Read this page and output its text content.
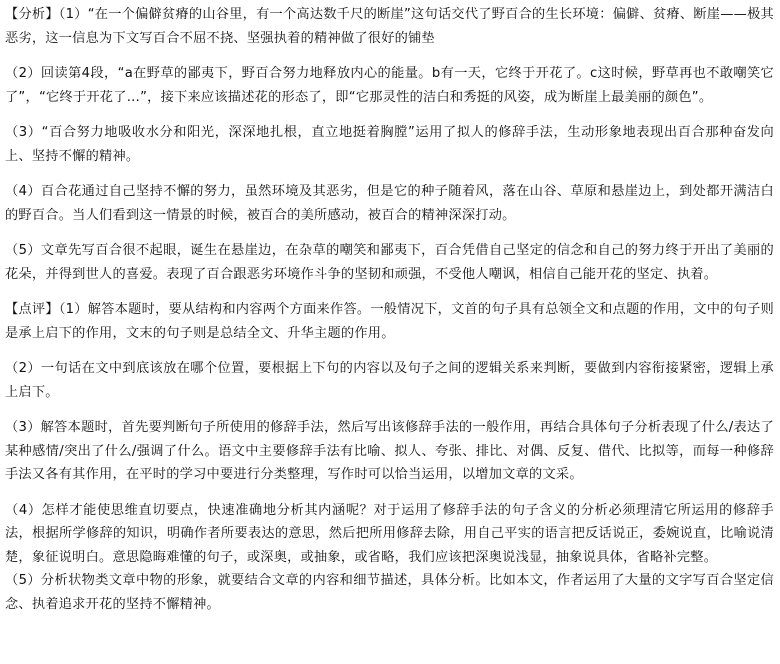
【分析】（1）“在一个偏僻贫瘠的山谷里，有一个高达数千尺的断崖”这句话交代了野百合的生长环境：偏僻、贫瘠、断崖——极其恶劣，这一信息为下文写百合不屈不挠、坚强执着的精神做了很好的铺垫

（2）回读第4段，“a在野草的鄙夷下，野百合努力地释放内心的能量。b有一天，它终于开花了。c这时候，野草再也不敢嘲笑它了”，“它终于开花了…”，接下来应该描述花的形态了，即“它那灵性的洁白和秀挺的风姿，成为断崖上最美丽的颜色”。

（3）“百合努力地吸收水分和阳光，深深地扎根，直立地挺着胸膛”运用了拟人的修辞手法，生动形象地表现出百合那种奋发向上、坚持不懈的精神。

（4）百合花通过自己坚持不懈的努力，虽然环境及其恶劣，但是它的种子随着风，落在山谷、草原和悬崖边上，到处都开满洁白的野百合。当人们看到这一情景的时候，被百合的美所感动，被百合的精神深深打动。

（5）文章先写百合很不起眼，诞生在悬崖边，在杂草的嘲笑和鄙夷下，百合凭借自己坚定的信念和自己的努力终于开出了美丽的花朵，并得到世人的喜爱。表现了百合跟恶劣环境作斗争的坚韧和顽强，不受他人嘲讽，相信自己能开花的坚定、执着。

【点评】（1）解答本题时，要从结构和内容两个方面来作答。一般情况下，文首的句子具有总领全文和点题的作用，文中的句子则是承上启下的作用，文末的句子则是总结全文、升华主题的作用。

（2）一句话在文中到底该放在哪个位置，要根据上下句的内容以及句子之间的逻辑关系来判断，要做到内容衔接紧密，逻辑上承上启下。

（3）解答本题时，首先要判断句子所使用的修辞手法，然后写出该修辞手法的一般作用，再结合具体句子分析表现了什么/表达了某种感情/突出了什么/强调了什么。语文中主要修辞手法有比喻、拟人、夸张、排比、对偶、反复、借代、比拟等，而每一种修辞手法又各有其作用，在平时的学习中要进行分类整理，写作时可以恰当运用，以增加文章的文采。

（4）怎样才能使思维直切要点，快速准确地分析其内涵呢？对于运用了修辞手法的句子含义的分析必须理清它所运用的修辞手法，根据所学修辞的知识，明确作者所要表达的意思，然后把所用修辞去除，用自己平实的语言把反话说正，委婉说直，比喻说清楚，象征说明白。意思隐晦难懂的句子，或深奥，或抽象，或省略，我们应该把深奥说浅显，抽象说具体，省略补完整。

（5）分析状物类文章中物的形象，就要结合文章的内容和细节描述，具体分析。比如本文，作者运用了大量的文字写百合坚定信念、执着追求开花的坚持不懈精神。
